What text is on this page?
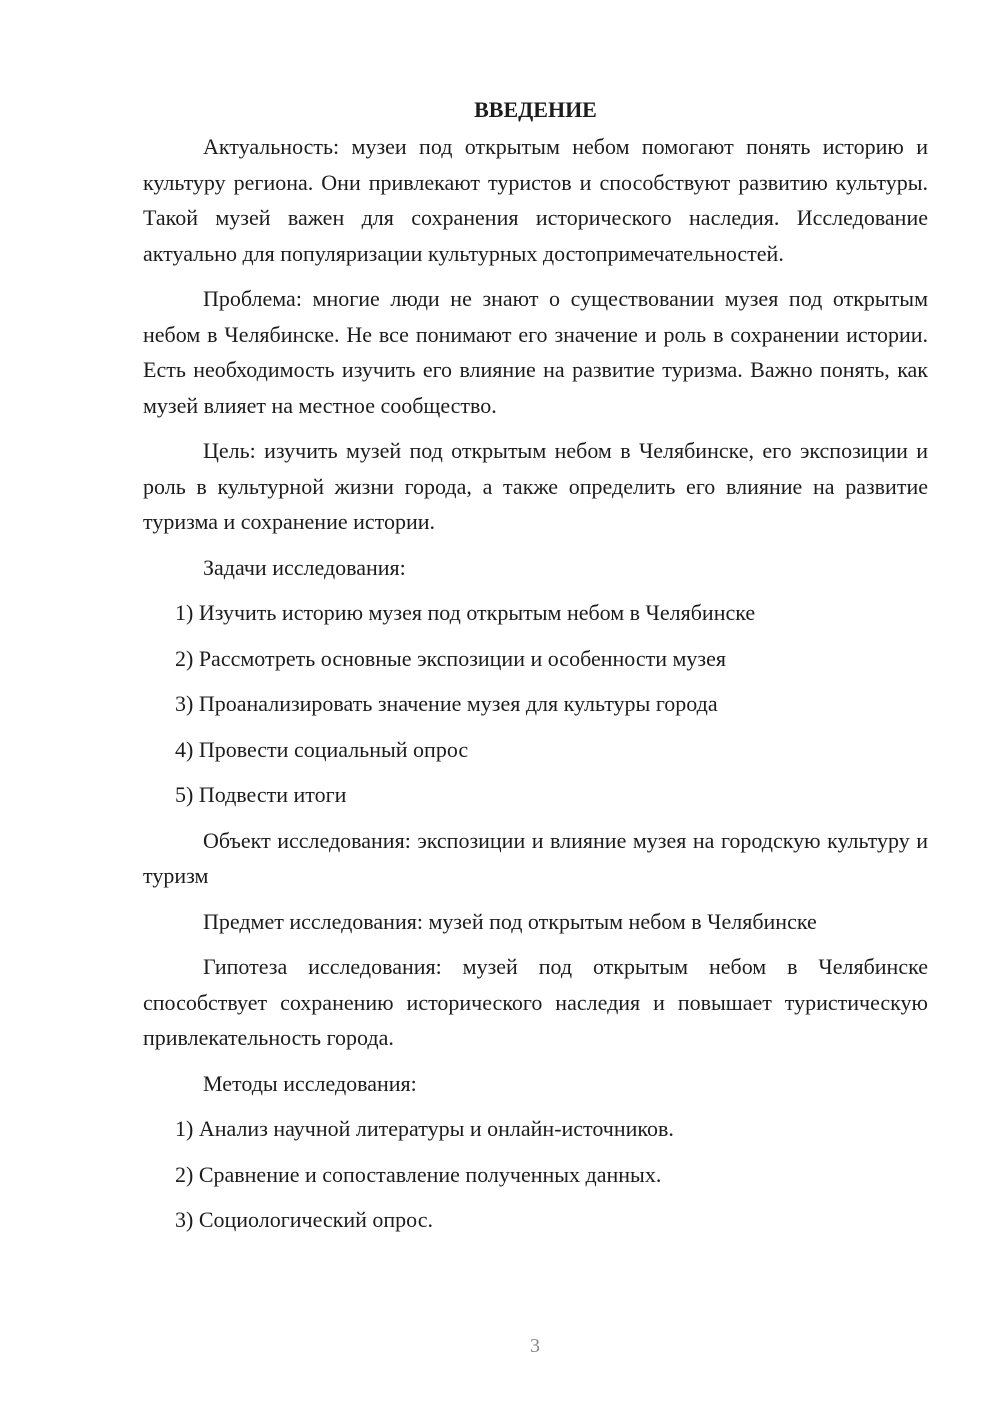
ВВЕДЕНИЕ

Актуальность: музеи под открытым небом помогают понять историю и культуру региона. Они привлекают туристов и способствуют развитию культуры. Такой музей важен для сохранения исторического наследия. Исследование актуально для популяризации культурных достопримечательностей.

Проблема: многие люди не знают о существовании музея под открытым небом в Челябинске. Не все понимают его значение и роль в сохранении истории. Есть необходимость изучить его влияние на развитие туризма. Важно понять, как музей влияет на местное сообщество.

Цель: изучить музей под открытым небом в Челябинске, его экспозиции и роль в культурной жизни города, а также определить его влияние на развитие туризма и сохранение истории.

Задачи исследования:

1) Изучить историю музея под открытым небом в Челябинске
2) Рассмотреть основные экспозиции и особенности музея
3) Проанализировать значение музея для культуры города
4) Провести социальный опрос
5) Подвести итоги

Объект исследования: экспозиции и влияние музея на городскую культуру и туризм

Предмет исследования: музей под открытым небом в Челябинске

Гипотеза исследования: музей под открытым небом в Челябинске способствует сохранению исторического наследия и повышает туристическую привлекательность города.

Методы исследования:

1) Анализ научной литературы и онлайн-источников.
2) Сравнение и сопоставление полученных данных.
3) Социологический опрос.
3
